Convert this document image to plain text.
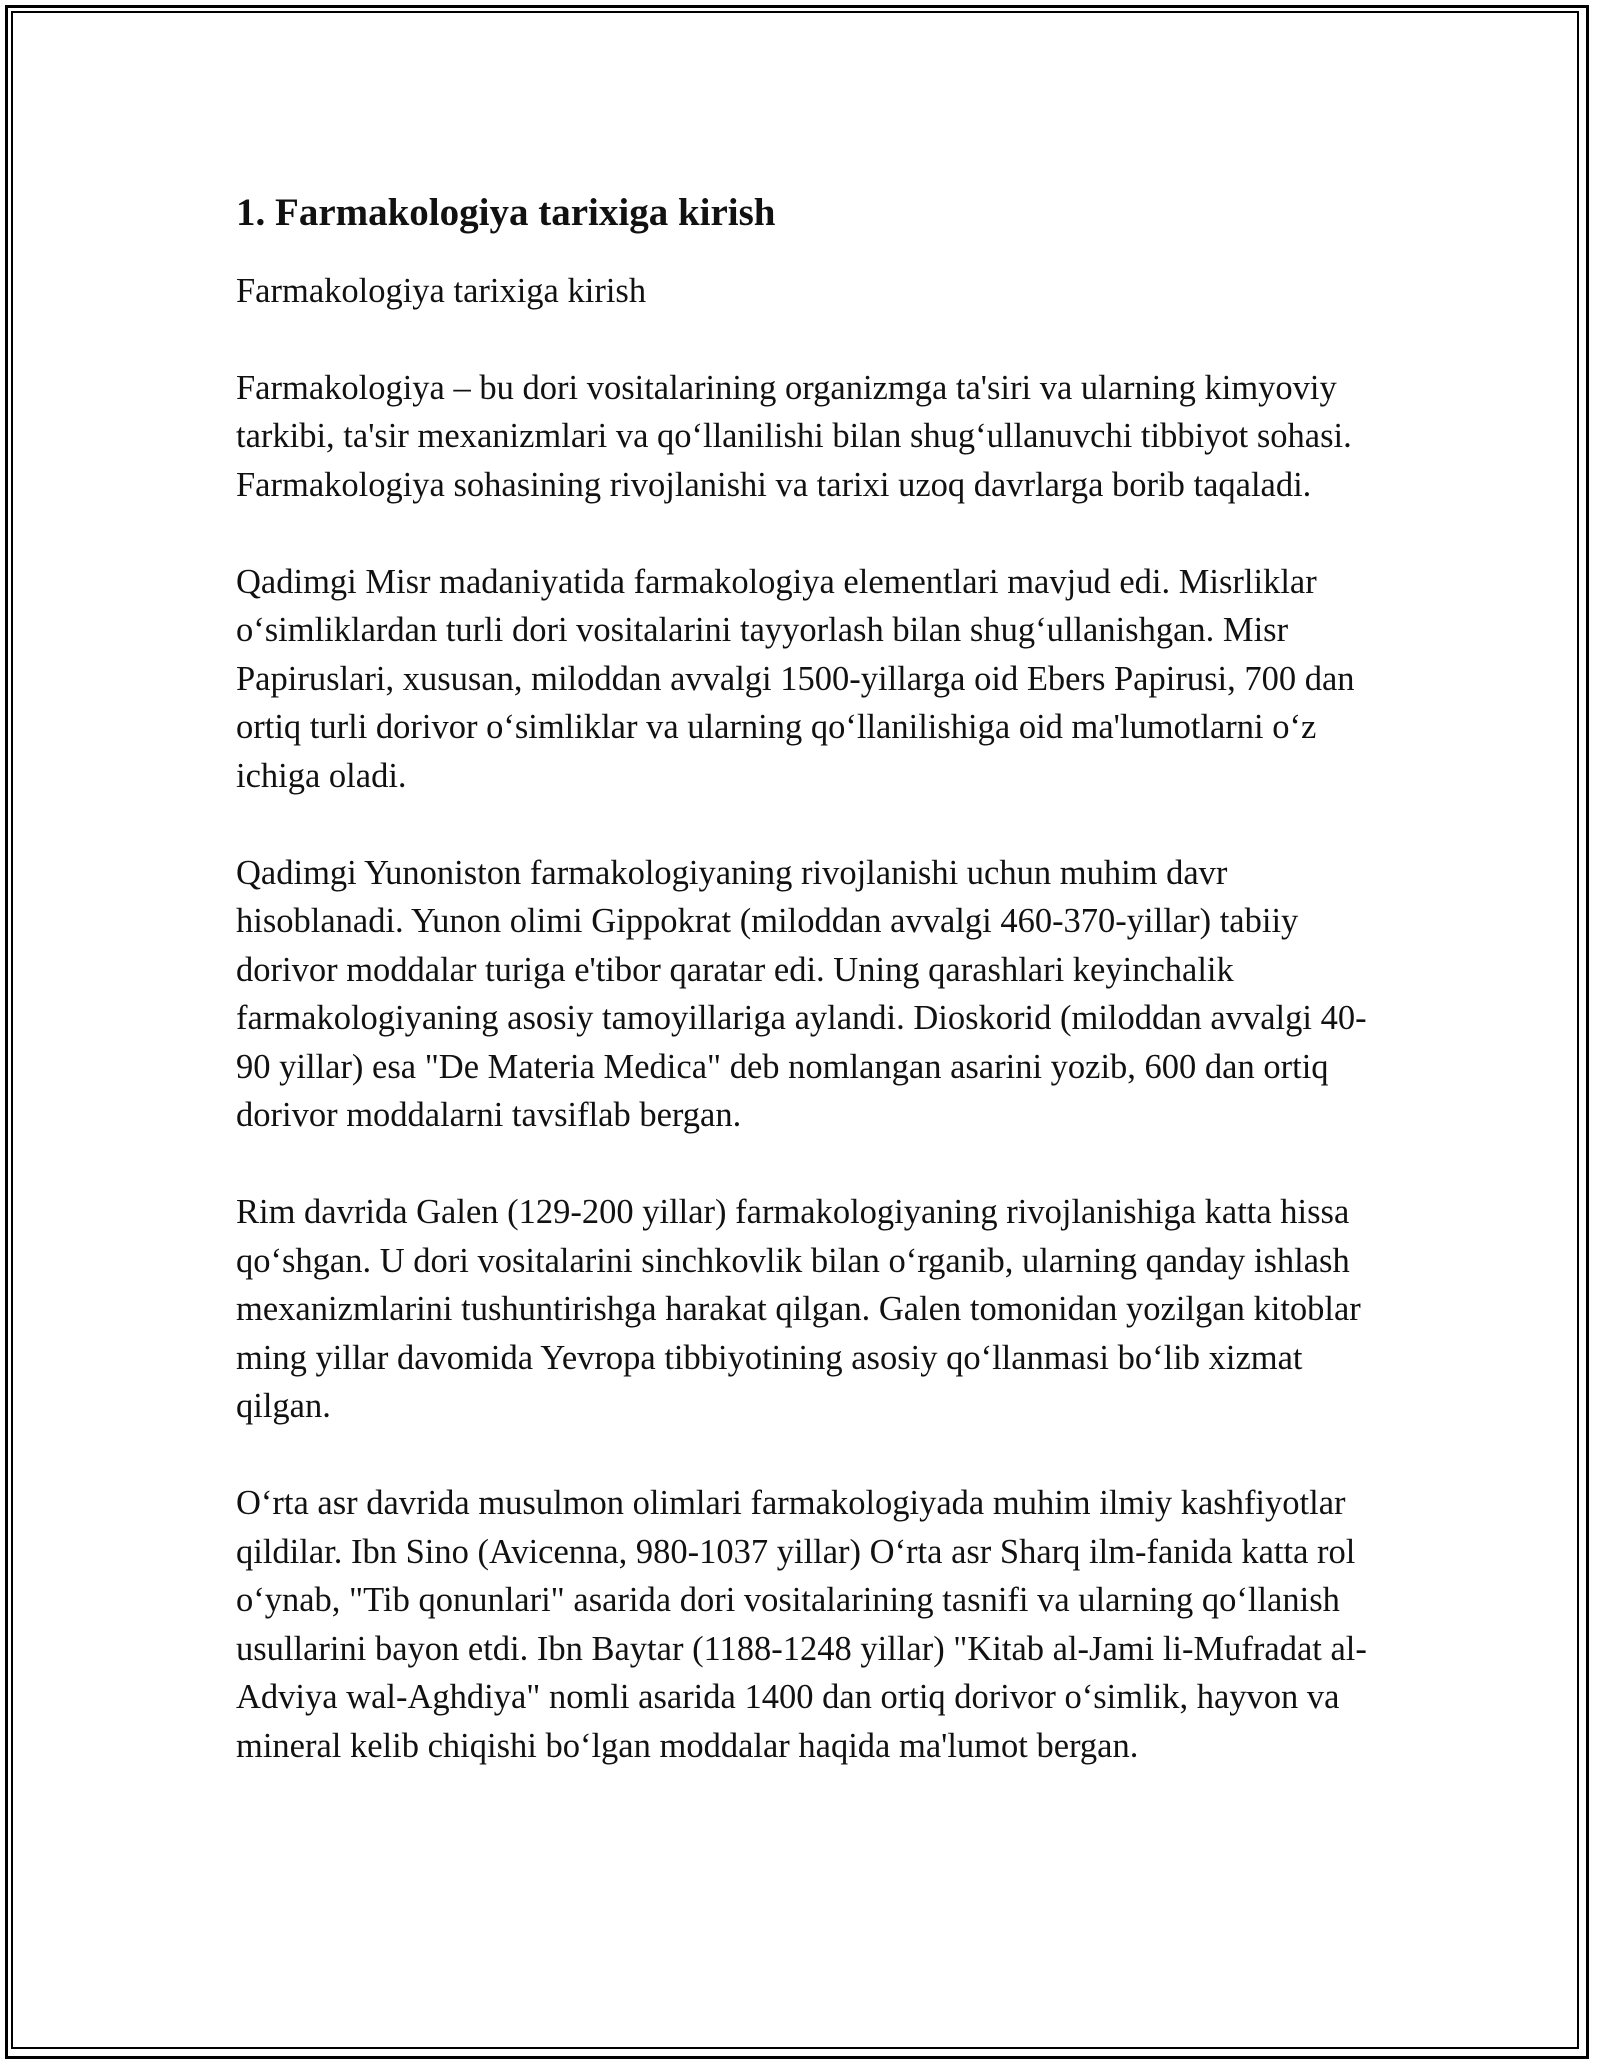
1. Farmakologiya tarixiga kirish
Farmakologiya tarixiga kirish

Farmakologiya – bu dori vositalarining organizmga ta'siri va ularning kimyoviy tarkibi, ta'sir mexanizmlari va qo‘llanilishi bilan shug‘ullanuvchi tibbiyot sohasi. Farmakologiya sohasining rivojlanishi va tarixi uzoq davrlarga borib taqaladi.

Qadimgi Misr madaniyatida farmakologiya elementlari mavjud edi. Misrliklar o‘simliklardan turli dori vositalarini tayyorlash bilan shug‘ullanishgan. Misr Papiruslari, xususan, miloddan avvalgi 1500-yillarga oid Ebers Papirusi, 700 dan ortiq turli dorivor o‘simliklar va ularning qo‘llanilishiga oid ma'lumotlarni o‘z ichiga oladi.

Qadimgi Yunoniston farmakologiyaning rivojlanishi uchun muhim davr hisoblanadi. Yunon olimi Gippokrat (miloddan avvalgi 460-370-yillar) tabiiy dorivor moddalar turiga e'tibor qaratar edi. Uning qarashlari keyinchalik farmakologiyaning asosiy tamoyillariga aylandi. Dioskorid (miloddan avvalgi 40-90 yillar) esa "De Materia Medica" deb nomlangan asarini yozib, 600 dan ortiq dorivor moddalarni tavsiflab bergan.

Rim davrida Galen (129-200 yillar) farmakologiyaning rivojlanishiga katta hissa qo‘shgan. U dori vositalarini sinchkovlik bilan o‘rganib, ularning qanday ishlash mexanizmlarini tushuntirishga harakat qilgan. Galen tomonidan yozilgan kitoblar ming yillar davomida Yevropa tibbiyotining asosiy qo‘llanmasi bo‘lib xizmat qilgan.

O‘rta asr davrida musulmon olimlari farmakologiyada muhim ilmiy kashfiyotlar qildilar. Ibn Sino (Avicenna, 980-1037 yillar) O‘rta asr Sharq ilm-fanida katta rol o‘ynab, "Tib qonunlari" asarida dori vositalarining tasnifi va ularning qo‘llanish usullarini bayon etdi. Ibn Baytar (1188-1248 yillar) "Kitab al-Jami li-Mufradat al-Adviya wal-Aghdiya" nomli asarida 1400 dan ortiq dorivor o‘simlik, hayvon va mineral kelib chiqishi bo‘lgan moddalar haqida ma'lumot bergan.
